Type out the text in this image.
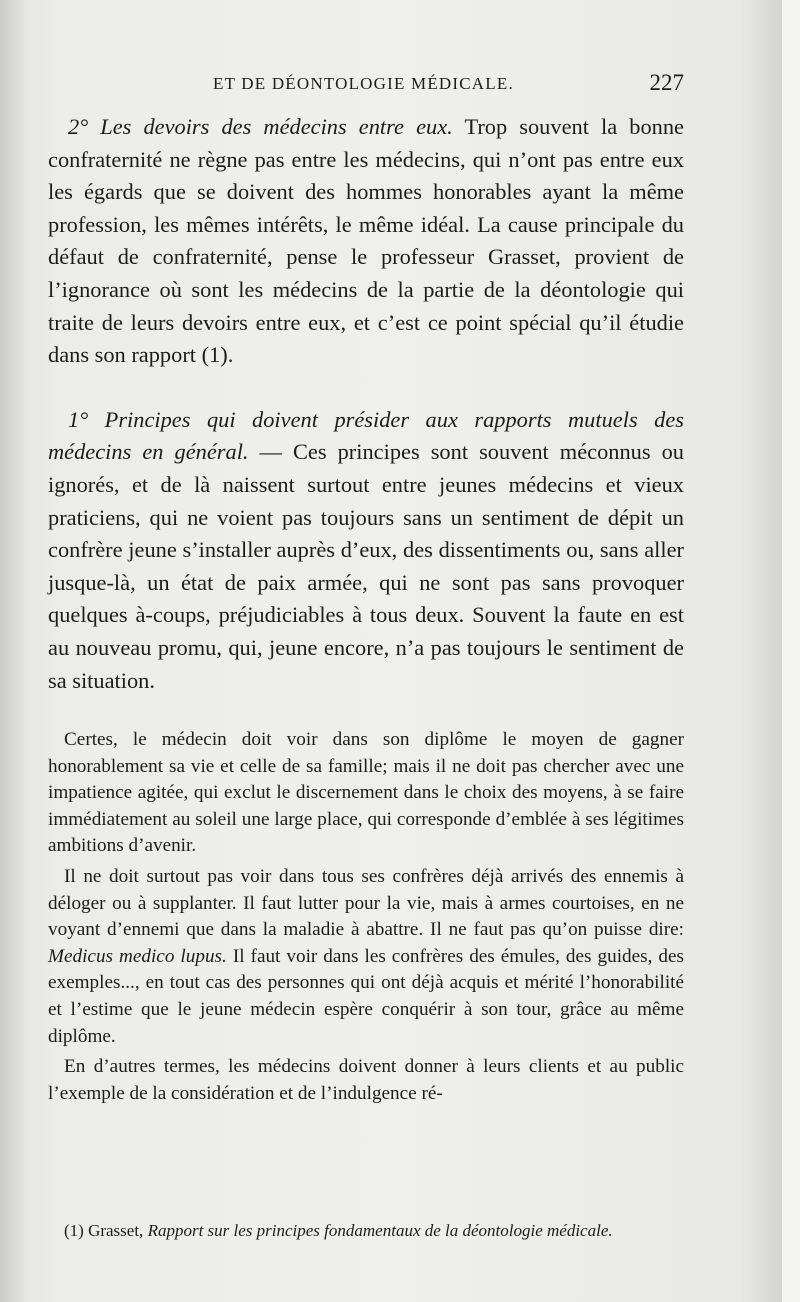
ET DE DÉONTOLOGIE MÉDICALE.	227

2° Les devoirs des médecins entre eux. Trop souvent la bonne confraternité ne règne pas entre les médecins, qui n’ont pas entre eux les égards que se doivent des hommes honorables ayant la même profession, les mêmes intérêts, le même idéal. La cause principale du défaut de confraternité, pense le professeur Grasset, provient de l’ignorance où sont les médecins de la partie de la déontologie qui traite de leurs devoirs entre eux, et c’est ce point spécial qu’il étudie dans son rapport (1).

1° Principes qui doivent présider aux rapports mutuels des médecins en général. — Ces principes sont souvent méconnus ou ignorés, et de là naissent surtout entre jeunes médecins et vieux praticiens, qui ne voient pas toujours sans un sentiment de dépit un confrère jeune s’installer auprès d’eux, des dissentiments ou, sans aller jusque-là, un état de paix armée, qui ne sont pas sans provoquer quelques à-coups, préjudiciables à tous deux. Souvent la faute en est au nouveau promu, qui, jeune encore, n’a pas toujours le sentiment de sa situation.

Certes, le médecin doit voir dans son diplôme le moyen de gagner honorablement sa vie et celle de sa famille; mais il ne doit pas chercher avec une impatience agitée, qui exclut le discernement dans le choix des moyens, à se faire immédiatement au soleil une large place, qui corresponde d’emblée à ses légitimes ambitions d’avenir.

Il ne doit surtout pas voir dans tous ses confrères déjà arrivés des ennemis à déloger ou à supplanter. Il faut lutter pour la vie, mais à armes courtoises, en ne voyant d’ennemi que dans la maladie à abattre. Il ne faut pas qu’on puisse dire: Medicus medico lupus. Il faut voir dans les confrères des émules, des guides, des exemples..., en tout cas des personnes qui ont déjà acquis et mérité l’honorabilité et l’estime que le jeune médecin espère conquérir à son tour, grâce au même diplôme.

En d’autres termes, les médecins doivent donner à leurs clients et au public l’exemple de la considération et de l’indulgence ré-

(1) Grasset, Rapport sur les principes fondamentaux de la déontologie médicale.
